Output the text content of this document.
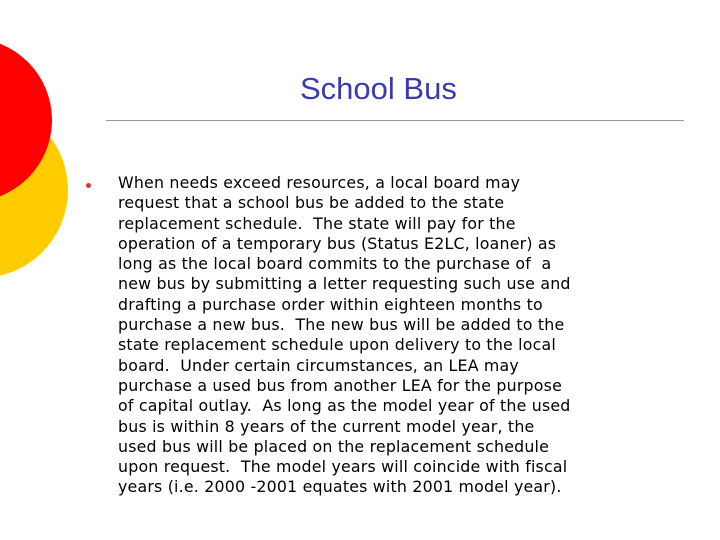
School Bus

When needs exceed resources, a local board may
request that a school bus be added to the state
replacement schedule.  The state will pay for the
operation of a temporary bus (Status E2LC, loaner) as
long as the local board commits to the purchase of  a
new bus by submitting a letter requesting such use and
drafting a purchase order within eighteen months to
purchase a new bus.  The new bus will be added to the
state replacement schedule upon delivery to the local
board.  Under certain circumstances, an LEA may
purchase a used bus from another LEA for the purpose
of capital outlay.  As long as the model year of the used
bus is within 8 years of the current model year, the
used bus will be placed on the replacement schedule
upon request.  The model years will coincide with fiscal
years (i.e. 2000 -2001 equates with 2001 model year).
